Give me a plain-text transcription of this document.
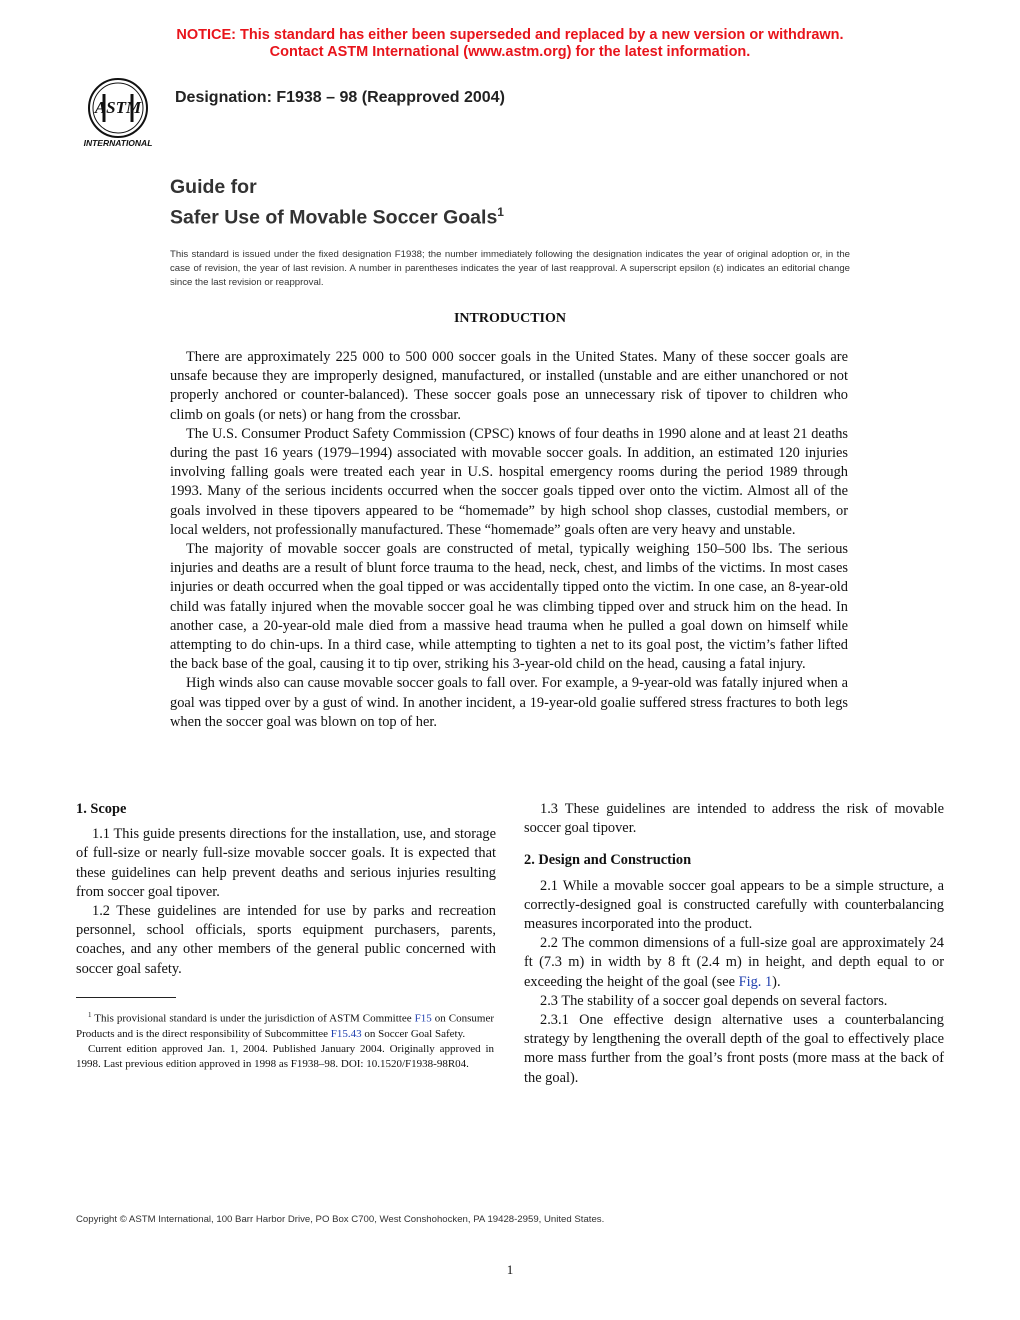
NOTICE: This standard has either been superseded and replaced by a new version or withdrawn.
Contact ASTM International (www.astm.org) for the latest information.
ASTM
INTERNATIONAL
Designation: F1938 – 98 (Reapproved 2004)
Guide for
Safer Use of Movable Soccer Goals$^1$

This standard is issued under the fixed designation F1938; the number immediately following the designation indicates the year of original adoption or, in the case of revision, the year of last revision. A number in parentheses indicates the year of last reapproval. A superscript epsilon (ε) indicates an editorial change since the last revision or reapproval.

INTRODUCTION

There are approximately 225 000 to 500 000 soccer goals in the United States. Many of these soccer goals are unsafe because they are improperly designed, manufactured, or installed (unstable and are either unanchored or not properly anchored or counter-balanced). These soccer goals pose an unnecessary risk of tipover to children who climb on goals (or nets) or hang from the crossbar.

The U.S. Consumer Product Safety Commission (CPSC) knows of four deaths in 1990 alone and at least 21 deaths during the past 16 years (1979–1994) associated with movable soccer goals. In addition, an estimated 120 injuries involving falling goals were treated each year in U.S. hospital emergency rooms during the period 1989 through 1993. Many of the serious incidents occurred when the soccer goals tipped over onto the victim. Almost all of the goals involved in these tipovers appeared to be “homemade” by high school shop classes, custodial members, or local welders, not professionally manufactured. These “homemade” goals often are very heavy and unstable.

The majority of movable soccer goals are constructed of metal, typically weighing 150–500 lbs. The serious injuries and deaths are a result of blunt force trauma to the head, neck, chest, and limbs of the victims. In most cases injuries or death occurred when the goal tipped or was accidentally tipped onto the victim. In one case, an 8-year-old child was fatally injured when the movable soccer goal he was climbing tipped over and struck him on the head. In another case, a 20-year-old male died from a massive head trauma when he pulled a goal down on himself while attempting to do chin-ups. In a third case, while attempting to tighten a net to its goal post, the victim’s father lifted the back base of the goal, causing it to tip over, striking his 3-year-old child on the head, causing a fatal injury.

High winds also can cause movable soccer goals to fall over. For example, a 9-year-old was fatally injured when a goal was tipped over by a gust of wind. In another incident, a 19-year-old goalie suffered stress fractures to both legs when the soccer goal was blown on top of her.

1. Scope

1.1 This guide presents directions for the installation, use, and storage of full-size or nearly full-size movable soccer goals. It is expected that these guidelines can help prevent deaths and serious injuries resulting from soccer goal tipover.

1.2 These guidelines are intended for use by parks and recreation personnel, school officials, sports equipment purchasers, parents, coaches, and any other members of the general public concerned with soccer goal safety.

1.3 These guidelines are intended to address the risk of movable soccer goal tipover.

2. Design and Construction

2.1 While a movable soccer goal appears to be a simple structure, a correctly-designed goal is constructed carefully with counterbalancing measures incorporated into the product.

2.2 The common dimensions of a full-size goal are approximately 24 ft (7.3 m) in width by 8 ft (2.4 m) in height, and depth equal to or exceeding the height of the goal (see Fig. 1).

2.3 The stability of a soccer goal depends on several factors.

2.3.1 One effective design alternative uses a counterbalancing strategy by lengthening the overall depth of the goal to effectively place more mass further from the goal’s front posts (more mass at the back of the goal).

$^1$ This provisional standard is under the jurisdiction of ASTM Committee F15 on Consumer Products and is the direct responsibility of Subcommittee F15.43 on Soccer Goal Safety.

Current edition approved Jan. 1, 2004. Published January 2004. Originally approved in 1998. Last previous edition approved in 1998 as F1938–98. DOI: 10.1520/F1938-98R04.

Copyright © ASTM International, 100 Barr Harbor Drive, PO Box C700, West Conshohocken, PA 19428-2959, United States.
1
